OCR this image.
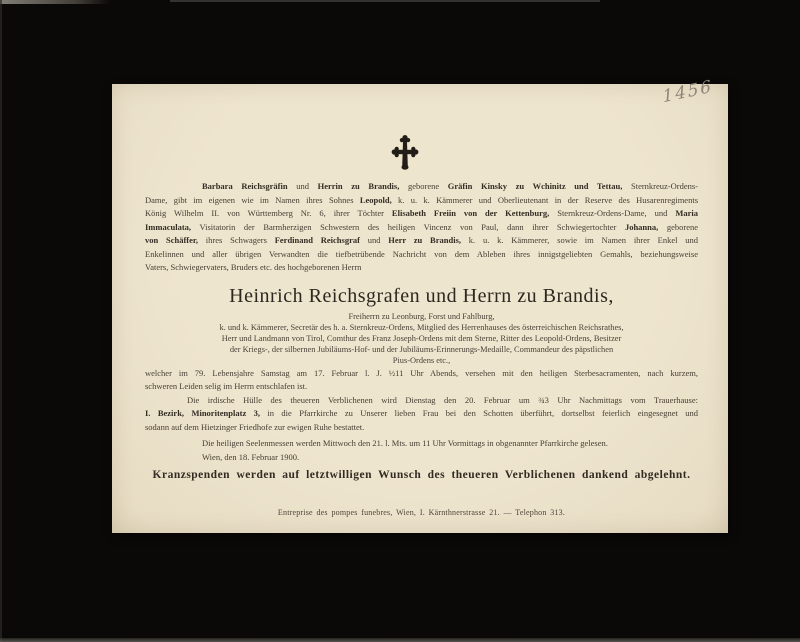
Barbara Reichsgräfin und Herrin zu Brandis, geborene Gräfin Kinsky zu Wchinitz und Tettau, Sternkreuz-Ordens-
Dame, gibt im eigenen wie im Namen ihres Sohnes Leopold, k. u. k. Kämmerer und Oberlieutenant in der Reserve des Husarenregiments
König Wilhelm II. von Württemberg Nr. 6, ihrer Töchter Elisabeth Freiin von der Kettenburg, Sternkreuz-Ordens-Dame, und Maria
Immaculata, Visitatorin der Barmherzigen Schwestern des heiligen Vincenz von Paul, dann ihrer Schwiegertochter Johanna, geborene
von Schäffer, ihres Schwagers Ferdinand Reichsgraf und Herr zu Brandis, k. u. k. Kämmerer, sowie im Namen ihrer Enkel und
Enkelinnen und aller übrigen Verwandten die tiefbetrübende Nachricht von dem Ableben ihres innigstgeliebten Gemahls, beziehungsweise
Vaters, Schwiegervaters, Bruders etc. des hochgeborenen Herrn
Heinrich Reichsgrafen und Herrn zu Brandis,
Freiherrn zu Leonburg, Forst und Fahlburg,
k. und k. Kämmerer, Secretär des h. a. Sternkreuz-Ordens, Mitglied des Herrenhauses des österreichischen Reichsrathes,
Herr und Landmann von Tirol, Comthur des Franz Joseph-Ordens mit dem Sterne, Ritter des Leopold-Ordens, Besitzer
der Kriegs-, der silbernen Jubiläums-Hof- und der Jubiläums-Erinnerungs-Medaille, Commandeur des päpstlichen
Pius-Ordens etc.,
welcher im 79. Lebensjahre Samstag am 17. Februar l. J. ½11 Uhr Abends, versehen mit den heiligen Sterbesacramenten, nach kurzem,
schweren Leiden selig im Herrn entschlafen ist.
Die irdische Hülle des theueren Verblichenen wird Dienstag den 20. Februar um ¾3 Uhr Nachmittags vom Trauerhause:
I. Bezirk, Minoritenplatz 3, in die Pfarrkirche zu Unserer lieben Frau bei den Schotten überführt, dortselbst feierlich eingesegnet und
sodann auf dem Hietzinger Friedhofe zur ewigen Ruhe bestattet.
Die heiligen Seelenmessen werden Mittwoch den 21. l. Mts. um 11 Uhr Vormittags in obgenannter Pfarrkirche gelesen.
Wien, den 18. Februar 1900.
Kranzspenden werden auf letztwilligen Wunsch des theueren Verblichenen dankend abgelehnt.
Entreprise des pompes funebres, Wien, I. Kärnthnerstrasse 21. — Telephon 313.
1456
